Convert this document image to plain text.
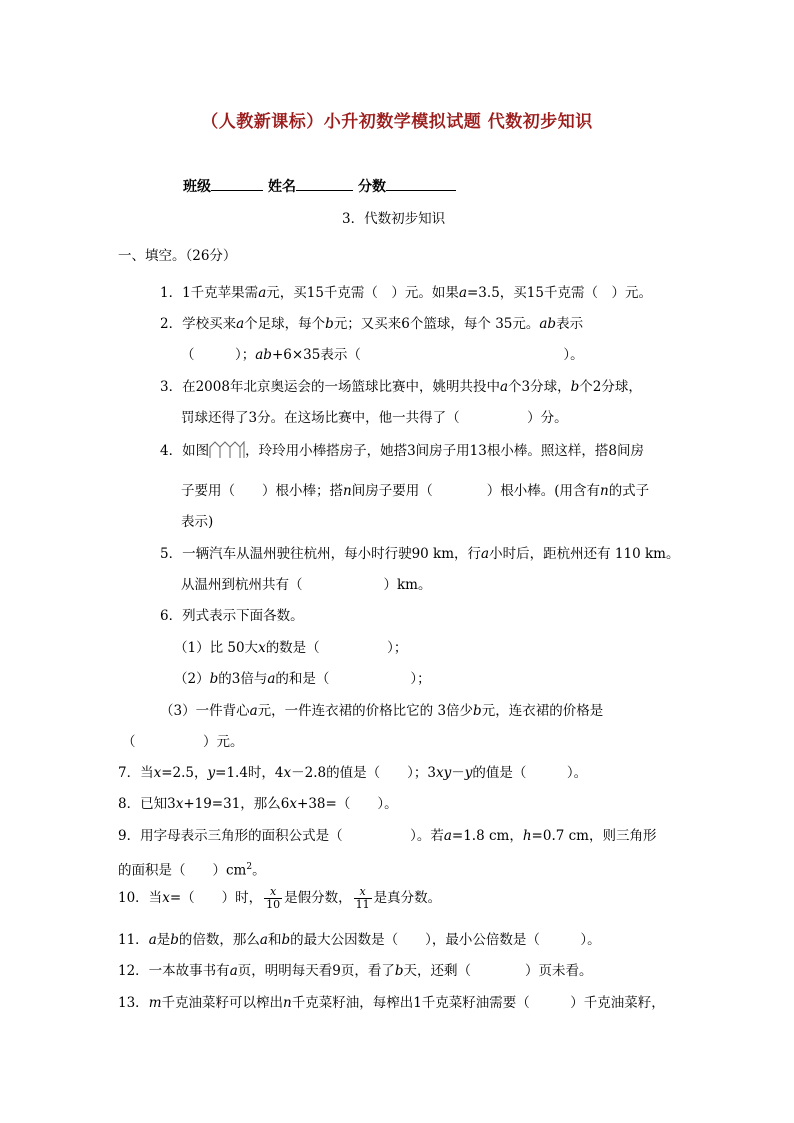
（人教新课标）小升初数学模拟试题 代数初步知识
班级	姓名	分数
3．代数初步知识
一、填空。（26分）
1．1千克苹果需a元，买15千克需（　）元。如果a=3.5，买15千克需（　）元。
2．学校买来a个足球，每个b元；又买来6个篮球，每个 35元。ab表示
（　　　）；ab+6×35表示（　　　　　　　　　　　　　　　）。
3．在2008年北京奥运会的一场篮球比赛中，姚明共投中a个3分球，b个2分球，
罚球还得了3分。在这场比赛中，他一共得了（　　　　　）分。
4．如图	，玲玲用小棒搭房子，她搭3间房子用13根小棒。照这样，搭8间房
子要用（　　）根小棒；搭n间房子要用（　　　　）根小棒。(用含有n的式子
表示)
5．一辆汽车从温州驶往杭州，每小时行驶90 km，行a小时后，距杭州还有 110 km。
从温州到杭州共有（　　　　　　）km。
6．列式表示下面各数。
（1）比 50大x的数是（　　　　　）；
（2）b的3倍与a的和是（　　　　　　）；
（3）一件背心a元，一件连衣裙的价格比它的 3倍少b元，连衣裙的价格是
（　　　　　）元。
7．当x=2.5，y=1.4时，4x－2.8的值是（　　）；3xy－y的值是（　　　）。
8．已知3x+19=31，那么6x+38=（　　）。
9．用字母表示三角形的面积公式是（　　　　　）。若a=1.8 cm，h=0.7 cm，则三角形
的面积是（　　）$cm^2$。
10．当x=（　　）时， $\frac{x}{10}$ 是假分数， $\frac{x}{11}$ 是真分数。
11．a是b的倍数，那么a和b的最大公因数是（　　），最小公倍数是（　　　）。
12．一本故事书有a页，明明每天看9页，看了b天，还剩（　　　　）页未看。
13．m千克油菜籽可以榨出n千克菜籽油，每榨出1千克菜籽油需要（　　　）千克油菜籽，
